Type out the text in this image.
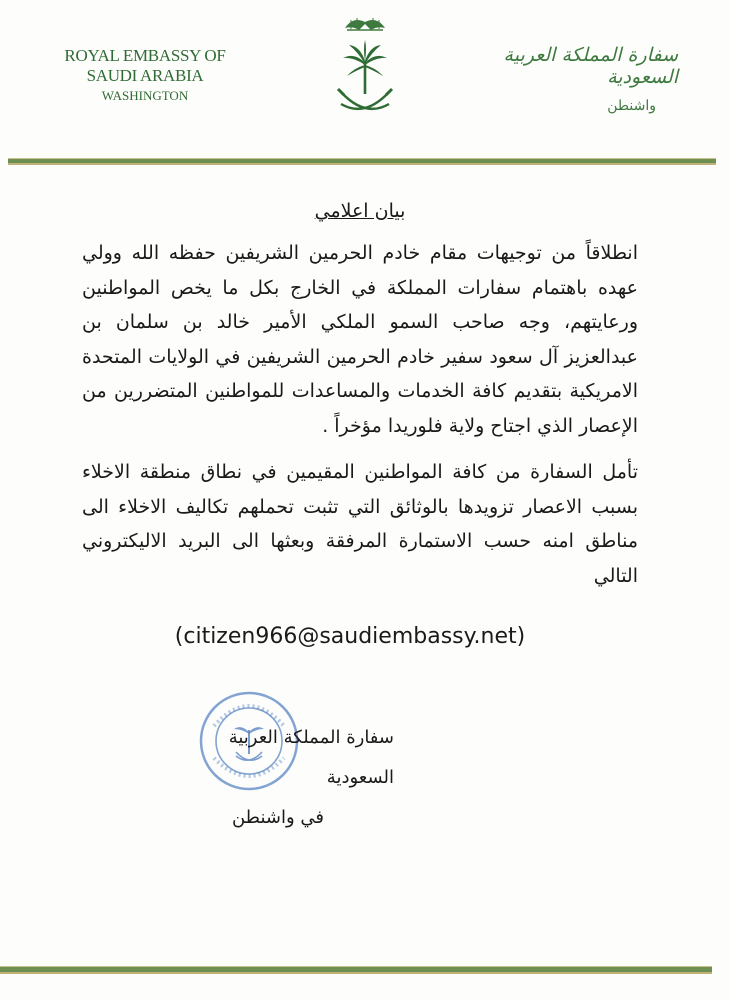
ROYAL EMBASSY OF SAUDI ARABIA
WASHINGTON
سفارة المملكة العربية السعودية
واشنطن
بيان اعلامي
انطلاقاً من توجيهات مقام خادم الحرمين الشريفين حفظه الله وولي عهده باهتمام سفارات المملكة في الخارج بكل ما يخص المواطنين ورعايتهم، وجه صاحب السمو الملكي الأمير خالد بن سلمان بن عبدالعزيز آل سعود سفير خادم الحرمين الشريفين في الولايات المتحدة الامريكية بتقديم كافة الخدمات والمساعدات للمواطنين المتضررين من الإعصار الذي اجتاح ولاية فلوريدا مؤخراً .
تأمل السفارة من كافة المواطنين المقيمين في نطاق منطقة الاخلاء بسبب الاعصار تزويدها بالوثائق التي تثبت تحملهم تكاليف الاخلاء الى مناطق امنه حسب الاستمارة المرفقة وبعثها الى البريد الاليكتروني التالي
(citizen966@saudiembassy.net)
سفارة المملكة العربية السعودية
في واشنطن
